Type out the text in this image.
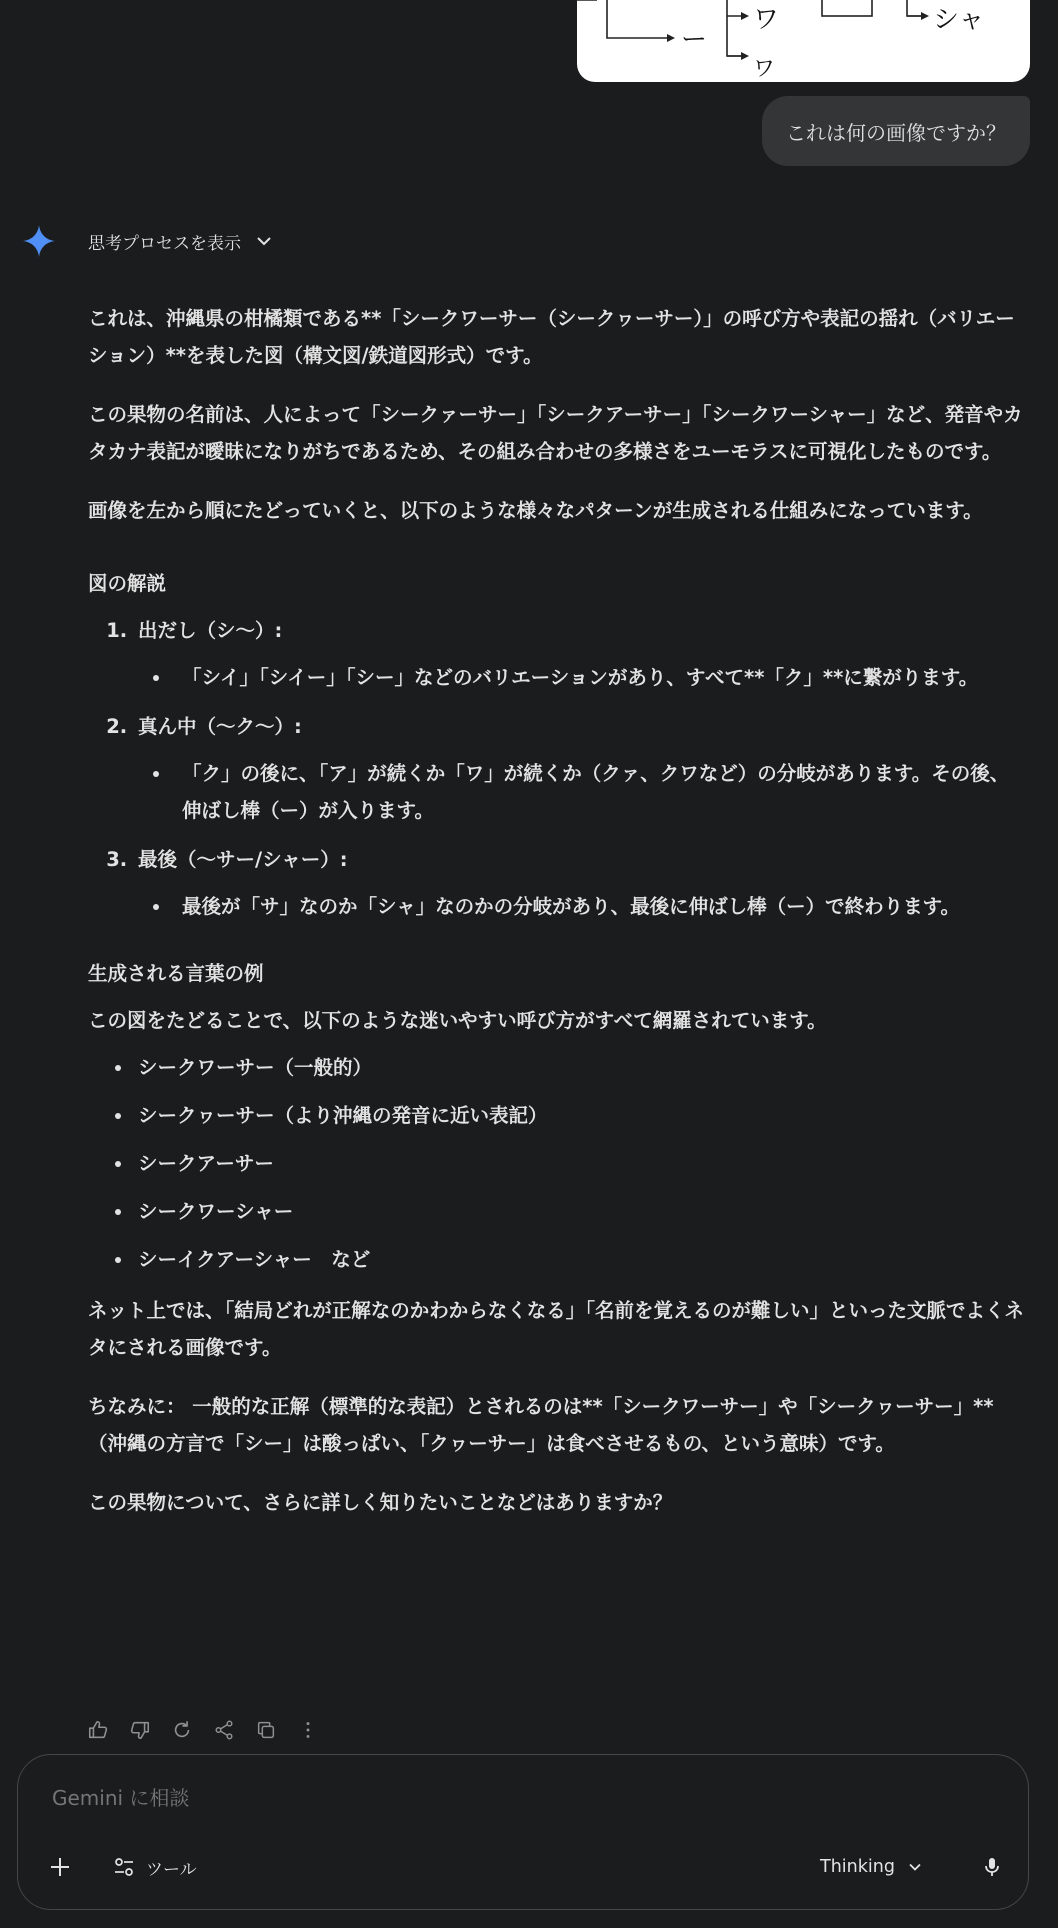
ー
ワ	シャ
ワ
これは何の画像ですか？
思考プロセスを表示

これは、沖縄県の柑橘類である**「シークワーサー（シークヮーサー）」の呼び方や表記の揺れ（バリエーション）**を表した図（構文図/鉄道図形式）です。

この果物の名前は、人によって「シークァーサー」「シークアーサー」「シークワーシャー」など、発音やカタカナ表記が曖昧になりがちであるため、その組み合わせの多様さをユーモラスに可視化したものです。

画像を左から順にたどっていくと、以下のような様々なパターンが生成される仕組みになっています。

図の解説
1. 出だし（シ〜）:
• 「シイ」「シイー」「シー」などのバリエーションがあり、すべて**「ク」**に繋がります。
2. 真ん中（〜ク〜）:
• 「ク」の後に、「ア」が続くか「ワ」が続くか（クァ、クワなど）の分岐があります。その後、伸ばし棒（ー）が入ります。
3. 最後（〜サー/シャー）:
• 最後が「サ」なのか「シャ」なのかの分岐があり、最後に伸ばし棒（ー）で終わります。
生成される言葉の例

この図をたどることで、以下のような迷いやすい呼び方がすべて網羅されています。

• シークワーサー（一般的）
• シークヮーサー（より沖縄の発音に近い表記）
• シークアーサー
• シークワーシャー
• シーイクアーシャー　など

ネット上では、「結局どれが正解なのかわからなくなる」「名前を覚えるのが難しい」といった文脈でよくネタにされる画像です。

ちなみに： 一般的な正解（標準的な表記）とされるのは**「シークワーサー」や「シークヮーサー」**（沖縄の方言で「シー」は酸っぱい、「クヮーサー」は食べさせるもの、という意味）です。

この果物について、さらに詳しく知りたいことなどはありますか？

Gemini に相談
ツール	Thinking
